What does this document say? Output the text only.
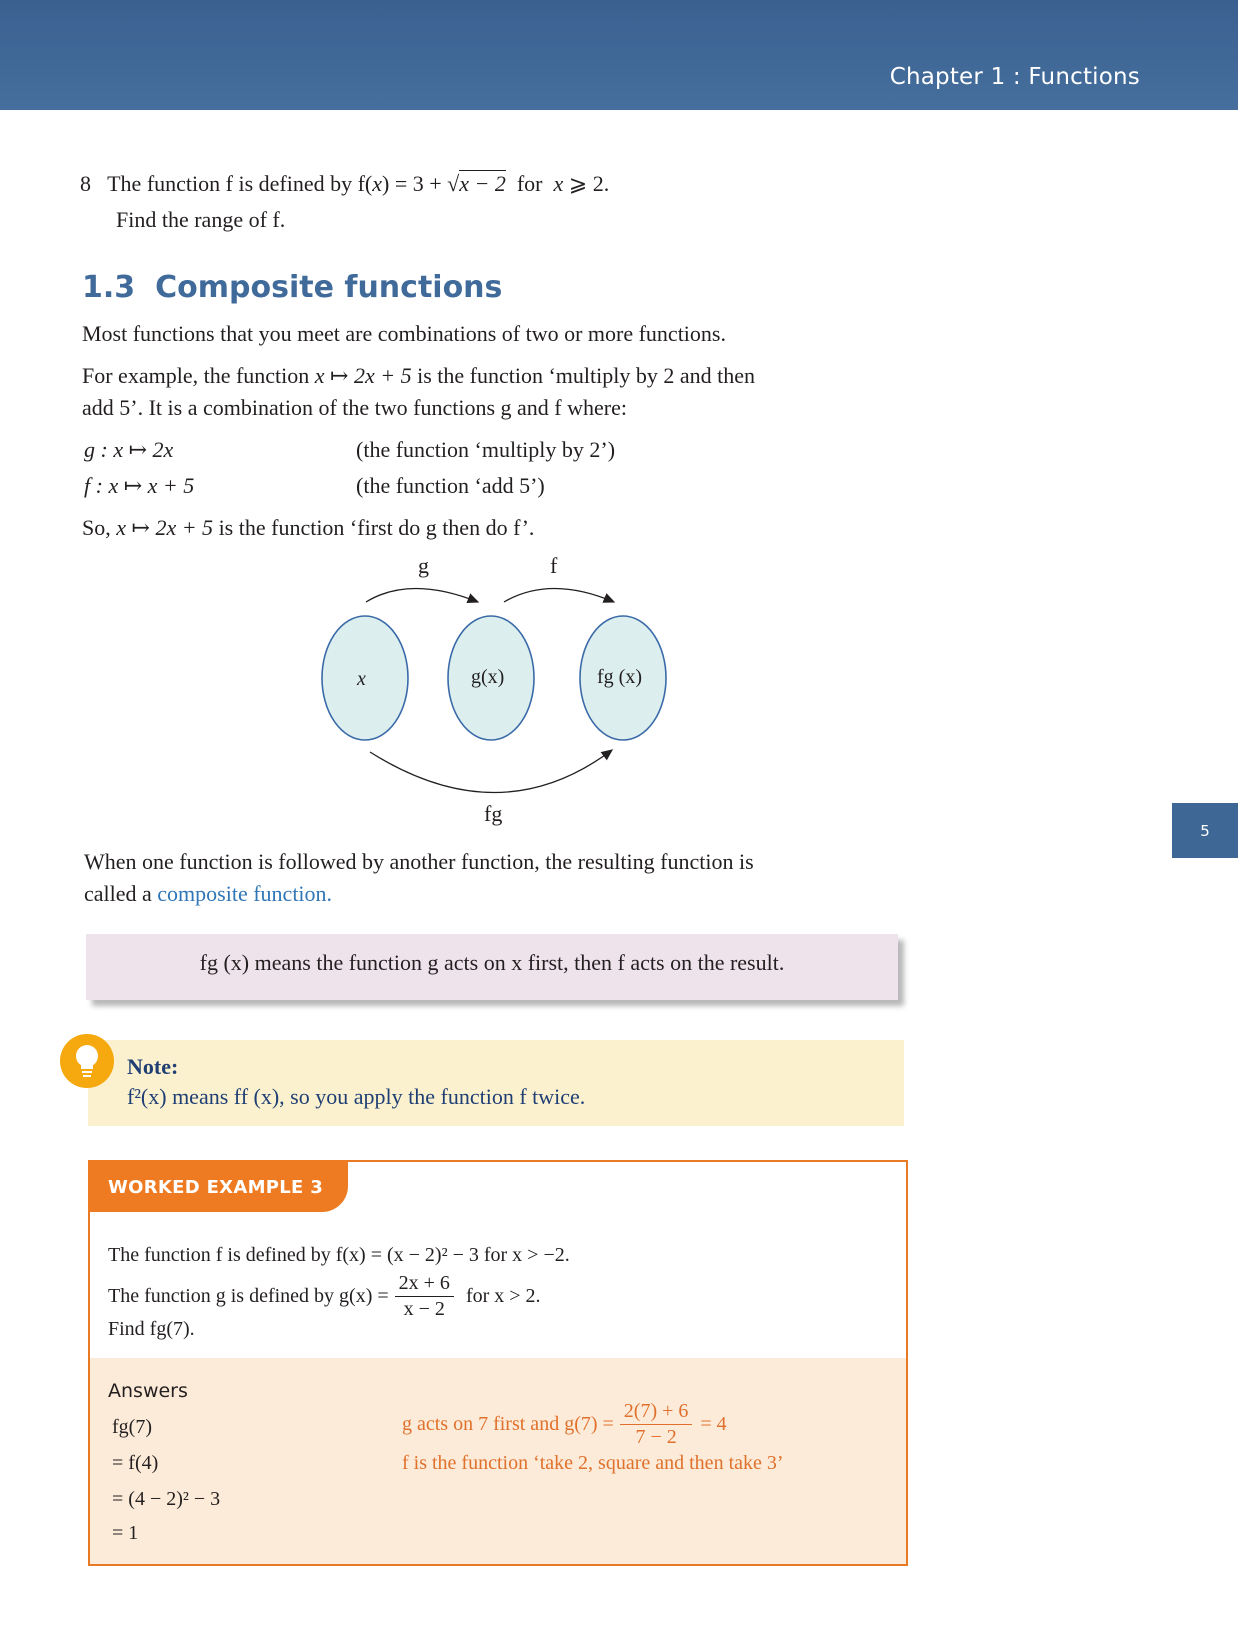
Chapter 1 : Functions
5
8 The function f is defined by f(x) = 3 + √x − 2 for x ⩾ 2.
Find the range of f.
1.3 Composite functions
Most functions that you meet are combinations of two or more functions.
For example, the function x ↦ 2x + 5 is the function ‘multiply by 2 and then
add 5’. It is a combination of the two functions g and f where:
g : x ↦ 2x	(the function ‘multiply by 2’)
f : x ↦ x + 5	(the function ‘add 5’)
So, x ↦ 2x + 5 is the function ‘first do g then do f’.
g	f
x	g(x)	fg (x)
fg
When one function is followed by another function, the resulting function is
called a composite function.
fg (x) means the function g acts on x first, then f acts on the result.
Note:
f²(x) means ff (x), so you apply the function f twice.
WORKED EXAMPLE 3
The function f is defined by f(x) = (x − 2)² − 3 for x > −2.
The function g is defined by $g(x) = \frac{2x + 6}{x - 2}$ for x > 2.
Find fg(7).
Answers
fg(7)
= f(4)
= (4 − 2)² − 3
= 1
g acts on 7 first and $g(7) = \frac{2(7) + 6}{7 - 2} = 4$
f is the function ‘take 2, square and then take 3’
